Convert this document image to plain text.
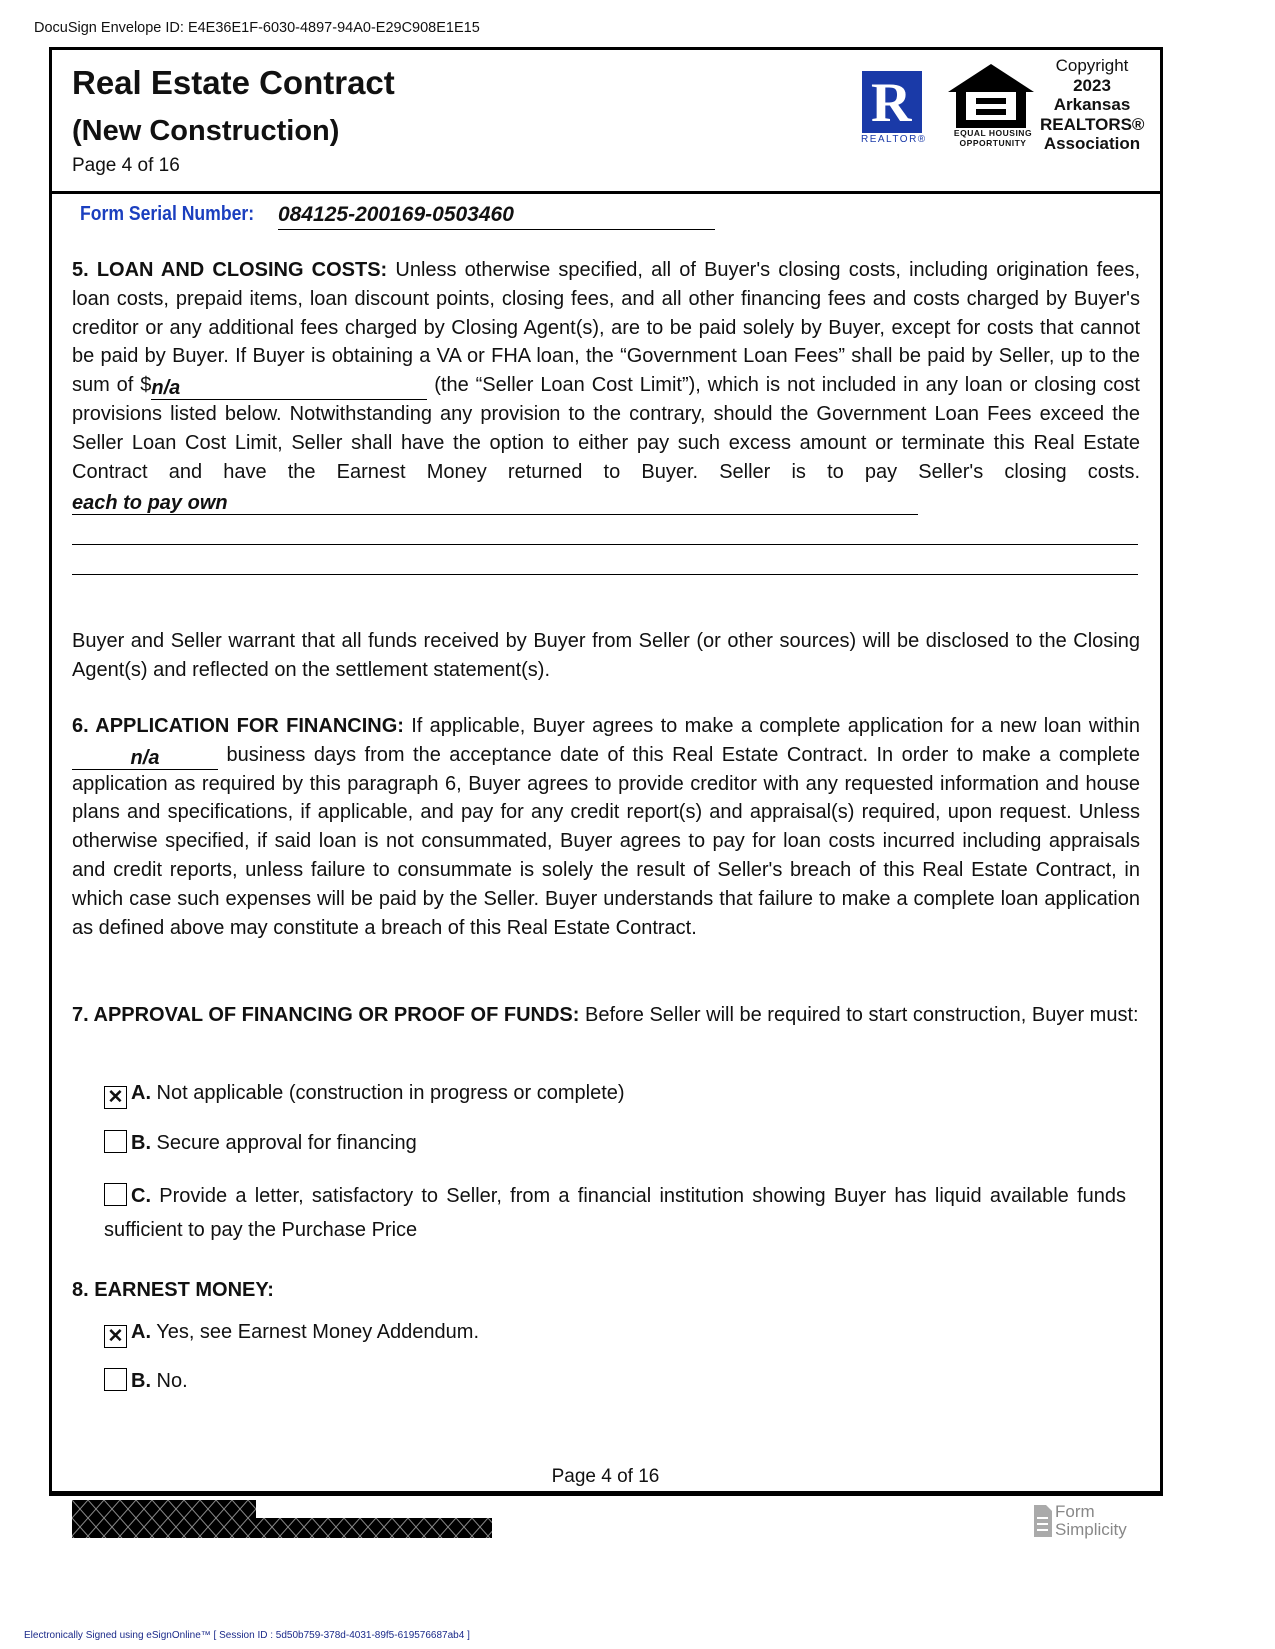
DocuSign Envelope ID: E4E36E1F-6030-4897-94A0-E29C908E1E15
Real Estate Contract
(New Construction)
Page 4 of 16
R
REALTOR®
EQUAL HOUSING OPPORTUNITY
Copyright
2023
Arkansas
REALTORS®
Association
Form Serial Number: 084125-200169-0503460
5. LOAN AND CLOSING COSTS: Unless otherwise specified, all of Buyer's closing costs, including origination fees, loan costs, prepaid items, loan discount points, closing fees, and all other financing fees and costs charged by Buyer's creditor or any additional fees charged by Closing Agent(s), are to be paid solely by Buyer, except for costs that cannot be paid by Buyer. If Buyer is obtaining a VA or FHA loan, the “Government Loan Fees” shall be paid by Seller, up to the sum of $n/a	(the “Seller Loan Cost Limit”), which is not included in any loan or closing cost provisions listed below. Notwithstanding any provision to the contrary, should the Government Loan Fees exceed the Seller Loan Cost Limit, Seller shall have the option to either pay such excess amount or terminate this Real Estate Contract and have the Earnest Money returned to Buyer. Seller is to pay Seller's closing costs. each to pay own
Buyer and Seller warrant that all funds received by Buyer from Seller (or other sources) will be disclosed to the Closing Agent(s) and reflected on the settlement statement(s).
6. APPLICATION FOR FINANCING: If applicable, Buyer agrees to make a complete application for a new loan within n/a	business days from the acceptance date of this Real Estate Contract. In order to make a complete application as required by this paragraph 6, Buyer agrees to provide creditor with any requested information and house plans and specifications, if applicable, and pay for any credit report(s) and appraisal(s) required, upon request. Unless otherwise specified, if said loan is not consummated, Buyer agrees to pay for loan costs incurred including appraisals and credit reports, unless failure to consummate is solely the result of Seller's breach of this Real Estate Contract, in which case such expenses will be paid by the Seller. Buyer understands that failure to make a complete loan application as defined above may constitute a breach of this Real Estate Contract.
7. APPROVAL OF FINANCING OR PROOF OF FUNDS: Before Seller will be required to start construction, Buyer must:
✕ A. Not applicable (construction in progress or complete)
B. Secure approval for financing
C. Provide a letter, satisfactory to Seller, from a financial institution showing Buyer has liquid available funds sufficient to pay the Purchase Price
8. EARNEST MONEY:
✕ A. Yes, see Earnest Money Addendum.
B. No.
Page 4 of 16
Form
Simplicity
Electronically Signed using eSignOnline™ [ Session ID : 5d50b759-378d-4031-89f5-619576687ab4 ]
